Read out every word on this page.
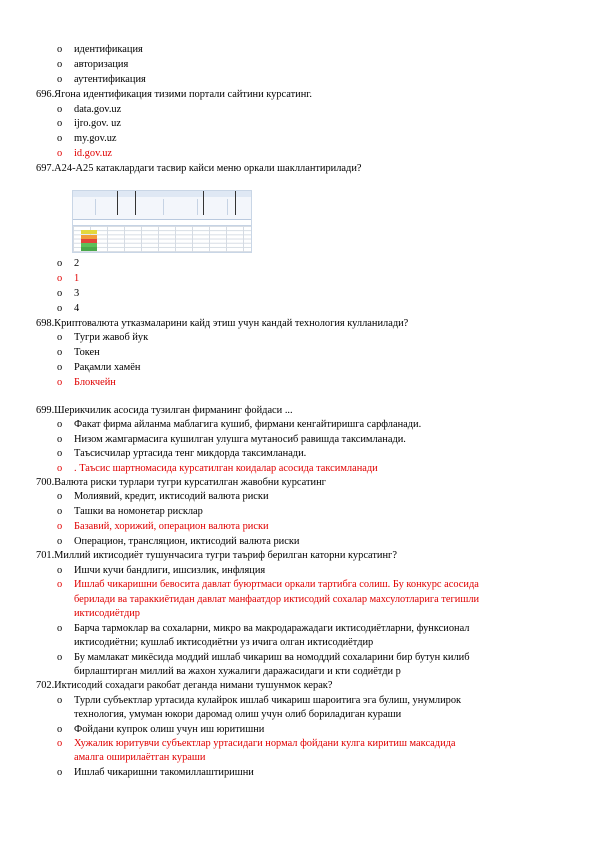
o идентификация
o авторизация
o аутентификация
696.Ягона идентификация тизими портали сайтини курсатинг.
o data.gov.uz
o ijro.gov. uz
o my.gov.uz
o id.gov.uz
697.А24-А25 катаклардаги тасвир кайси меню оркали шакллантирилади?
o 2
o 1
o 3
o 4
698.Криптовалюта утказмаларини кайд этиш учун кандай технология кулланилади?
o Тугри жавоб йук
o Токен
o Рақамли хамён
o Блокчейн
699.Шерикчилик асосида тузилган фирманинг фойдаси ...
o Факат фирма айланма маблагига кушиб, фирмани кенгайтиришга сарфланади.
o Низом жамгармасига кушилган улушга мутаносиб равишда таксимланади.
o Таъсисчилар уртасида тенг микдорда таксимланади.
o . Таъсис шартномасида курсатилган коидалар асосида таксимланади
700.Валюта риски турлари тугри курсатилган жавобни курсатинг
o Молиявий, кредит, иктисодий валюта риски
o Ташки ва номонетар рисклар
o Базавий, хорижий, операцион валюта риски
o Операцион, трансляцион, иктисодий валюта риски
701.Миллий иктисодиёт тушунчасига тугри таъриф берилган каторни курсатинг?
o Ишчи кучи бандлиги, ишсизлик, инфляция
o Ишлаб чикаришни бевосита давлат буюртмаси оркали тартибга солиш. Бу конкурс асосида
берилади ва тараккиётидан давлат манфаатдор иктисодий сохалар махсулотларига тегишли
иктисодиётдир
o Барча тармоклар ва сохаларни, микро ва макродаражадаги иктисодиётларни, функсионал
иктисодиётни; кушлаб иктисодиётни уз ичига олган иктисодиётдир
o Бу мамлакат микёсида моддий ишлаб чикариш ва номоддий сохаларини бир бутун килиб
бирлаштирган миллий ва жахон хужалиги даражасидаги и кти содиётди р
702.Иктисодий сохадаги ракобат деганда нимани тушунмок керак?
o Турли субъектлар уртасида кулайрок ишлаб чикариш шароитига эга булиш, унумлирок
технология, умуман юкори даромад олиш учун олиб бориладиган кураши
o Фойдани купрок олиш учун иш юритишни
o Хужалик юритувчи субъектлар уртасидаги нормал фойдани кулга киритиш максадида
амалга оширилаётган кураши
o Ишлаб чикаришни такомиллаштиришни
